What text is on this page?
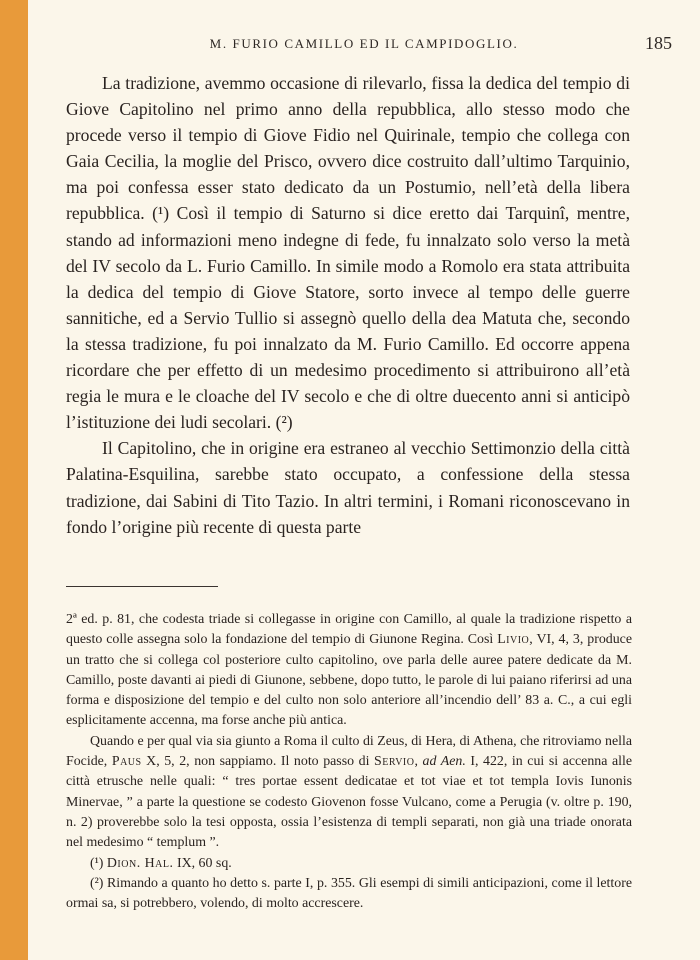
M. FURIO CAMILLO ED IL CAMPIDOGLIO.	185

La tradizione, avemmo occasione di rilevarlo, fissa la dedica del tempio di Giove Capitolino nel primo anno della repubblica, allo stesso modo che procede verso il tempio di Giove Fidio nel Quirinale, tempio che collega con Gaia Cecilia, la moglie del Prisco, ovvero dice costruito dall’ultimo Tarquinio, ma poi confessa esser stato dedicato da un Postumio, nell’età della libera repubblica. (¹) Così il tempio di Saturno si dice eretto dai Tarquinî, mentre, stando ad informazioni meno indegne di fede, fu innalzato solo verso la metà del IV secolo da L. Furio Camillo. In simile modo a Romolo era stata attribuita la dedica del tempio di Giove Statore, sorto invece al tempo delle guerre sannitiche, ed a Servio Tullio si assegnò quello della dea Matuta che, secondo la stessa tradizione, fu poi innalzato da M. Furio Camillo. Ed occorre appena ricordare che per effetto di un medesimo procedimento si attribuirono all’età regia le mura e le cloache del IV secolo e che di oltre duecento anni si anticipò l’istituzione dei ludi secolari. (²)

Il Capitolino, che in origine era estraneo al vecchio Settimonzio della città Palatina-Esquilina, sarebbe stato occupato, a confessione della stessa tradizione, dai Sabini di Tito Tazio. In altri termini, i Romani riconoscevano in fondo l’origine più recente di questa parte

2ª ed. p. 81, che codesta triade si collegasse in origine con Camillo, al quale la tradizione rispetto a questo colle assegna solo la fondazione del tempio di Giunone Regina. Così Livio, VI, 4, 3, produce un tratto che si collega col posteriore culto capitolino, ove parla delle auree patere dedicate da M. Camillo, poste davanti ai piedi di Giunone, sebbene, dopo tutto, le parole di lui paiano riferirsi ad una forma e disposizione del tempio e del culto non solo anteriore all’incendio dell’ 83 a. C., a cui egli esplicitamente accenna, ma forse anche più antica.

Quando e per qual via sia giunto a Roma il culto di Zeus, di Hera, di Athena, che ritroviamo nella Focide, Paus X, 5, 2, non sappiamo. Il noto passo di Servio, ad Aen. I, 422, in cui si accenna alle città etrusche nelle quali: “ tres portae essent dedicatae et tot viae et tot templa Iovis Iunonis Minervae, ” a parte la questione se codesto Giovenon fosse Vulcano, come a Perugia (v. oltre p. 190, n. 2) proverebbe solo la tesi opposta, ossia l’esistenza di templi separati, non già una triade onorata nel medesimo “ templum ”.

(¹) Dion. Hal. IX, 60 sq.

(²) Rimando a quanto ho detto s. parte I, p. 355. Gli esempi di simili anticipazioni, come il lettore ormai sa, si potrebbero, volendo, di molto accrescere.
